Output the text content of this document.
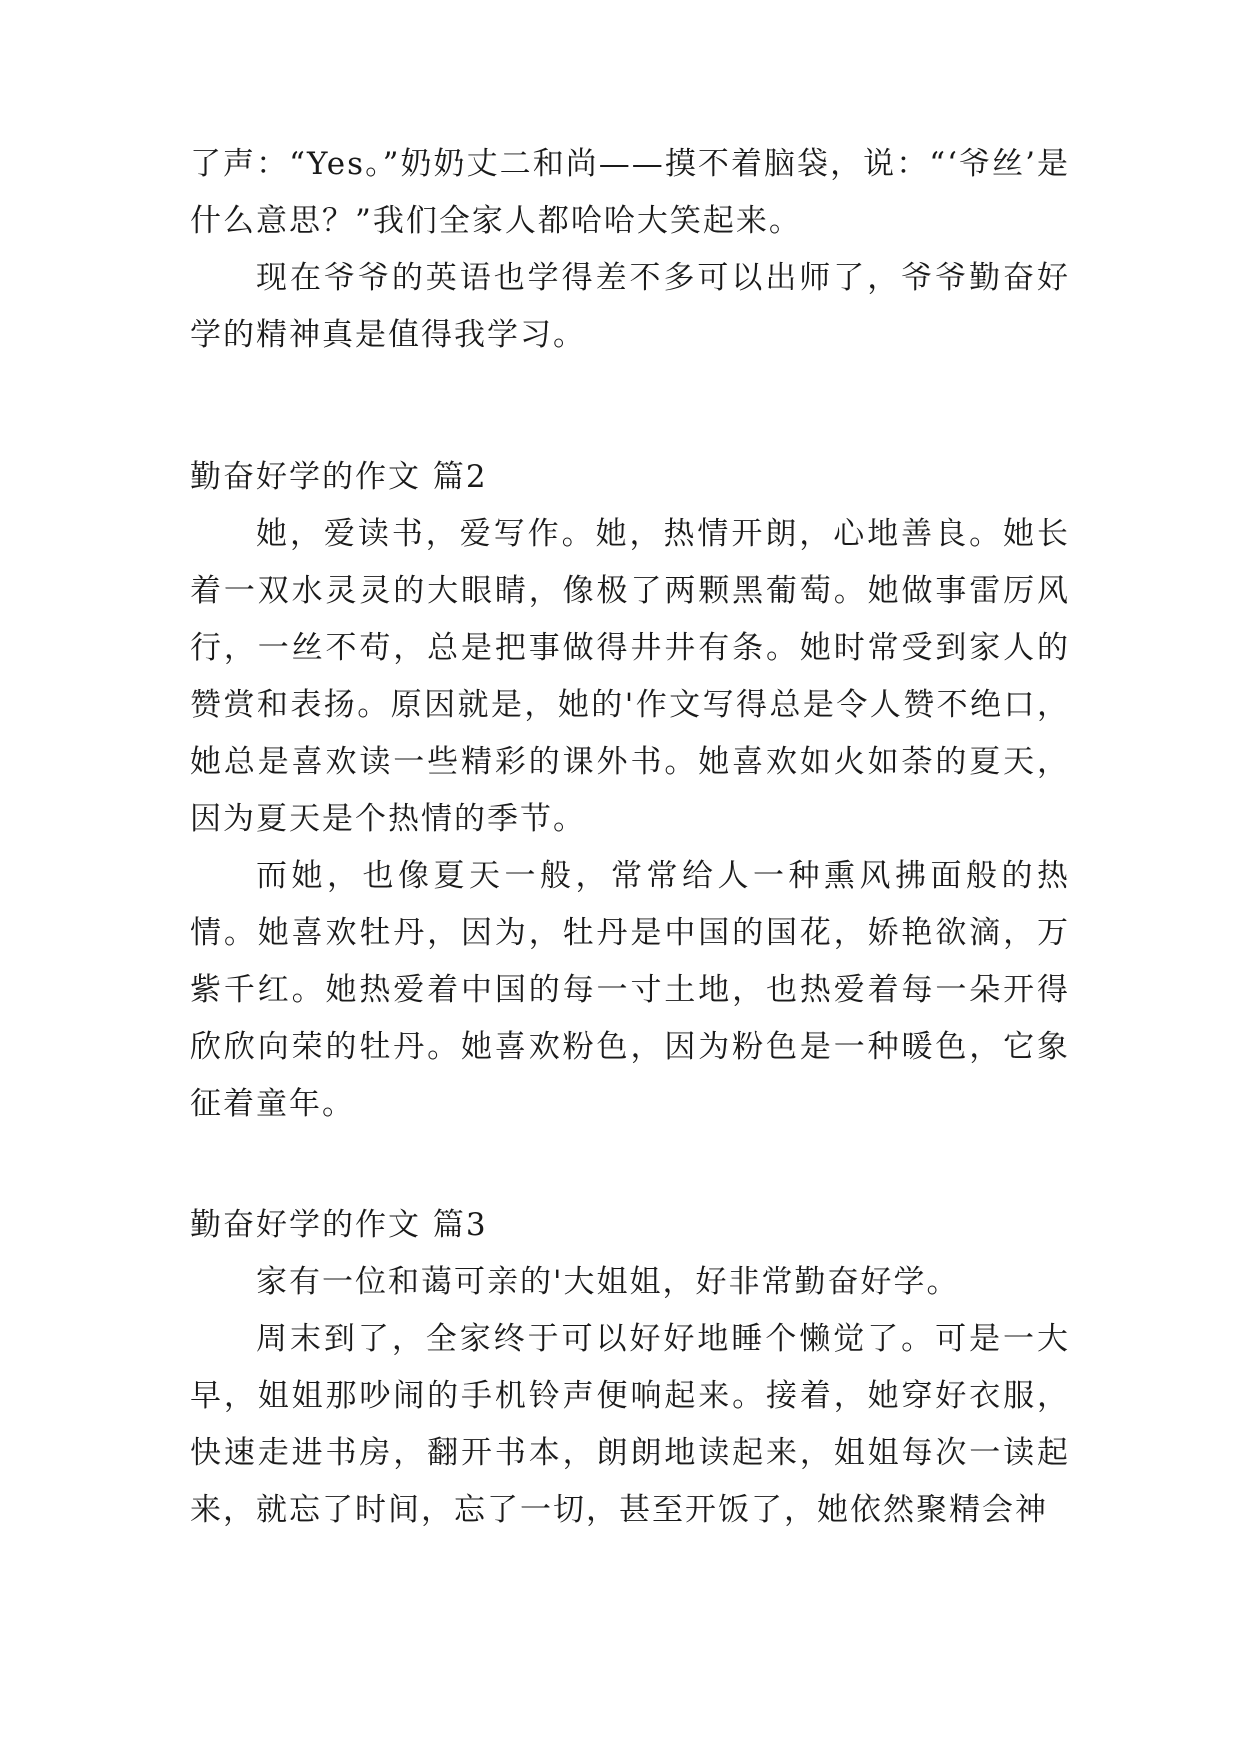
了声：“Yes。”奶奶丈二和尚——摸不着脑袋，说：“‘爷丝’是什么意思？”我们全家人都哈哈大笑起来。

现在爷爷的英语也学得差不多可以出师了，爷爷勤奋好学的精神真是值得我学习。

勤奋好学的作文 篇2

她，爱读书，爱写作。她，热情开朗，心地善良。她长着一双水灵灵的大眼睛，像极了两颗黑葡萄。她做事雷厉风行，一丝不苟，总是把事做得井井有条。她时常受到家人的赞赏和表扬。原因就是，她的'作文写得总是令人赞不绝口，她总是喜欢读一些精彩的课外书。她喜欢如火如荼的夏天，因为夏天是个热情的季节。

而她，也像夏天一般，常常给人一种熏风拂面般的热情。她喜欢牡丹，因为，牡丹是中国的国花，娇艳欲滴，万紫千红。她热爱着中国的每一寸土地，也热爱着每一朵开得欣欣向荣的牡丹。她喜欢粉色，因为粉色是一种暖色，它象征着童年。

勤奋好学的作文 篇3

家有一位和蔼可亲的'大姐姐，好非常勤奋好学。

周末到了，全家终于可以好好地睡个懒觉了。可是一大早，姐姐那吵闹的手机铃声便响起来。接着，她穿好衣服，快速走进书房，翻开书本，朗朗地读起来，姐姐每次一读起来，就忘了时间，忘了一切，甚至开饭了，她依然聚精会神
